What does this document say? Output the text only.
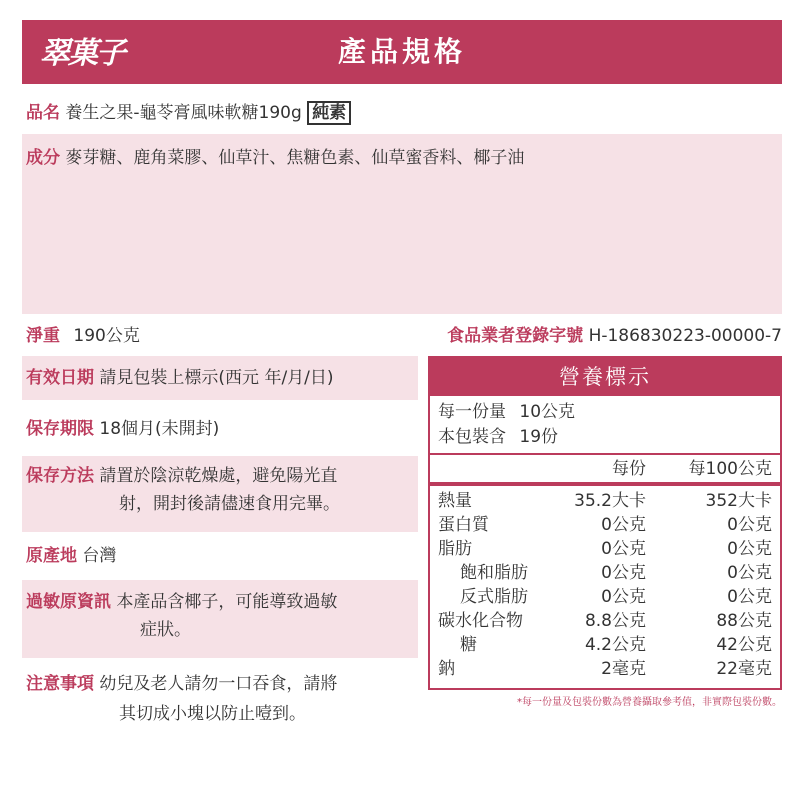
翠菓子	產品規格
品名 養生之果-龜苓膏風味軟糖190g 純素
成分 麥芽糖、鹿角菜膠、仙草汁、焦糖色素、仙草蜜香料、椰子油
淨重 190公克	食品業者登錄字號 H-186830223-00000-7
有效日期 請見包裝上標示(西元 年/月/日)
保存期限 18個月(未開封)
保存方法 請置於陰涼乾燥處，避免陽光直
射，開封後請儘速食用完畢。
原產地 台灣
過敏原資訊 本產品含椰子，可能導致過敏
症狀。
注意事項 幼兒及老人請勿一口吞食，請將
其切成小塊以防止噎到。
營養標示
每一份量 10公克
本包裝含 19份
每份	每100公克
熱量	35.2大卡	352大卡
蛋白質	0公克	0公克
脂肪	0公克	0公克
飽和脂肪	0公克	0公克
反式脂肪	0公克	0公克
碳水化合物	8.8公克	88公克
糖	4.2公克	42公克
鈉	2毫克	22毫克
*每一份量及包裝份數為營養攝取參考值，非實際包裝份數。
